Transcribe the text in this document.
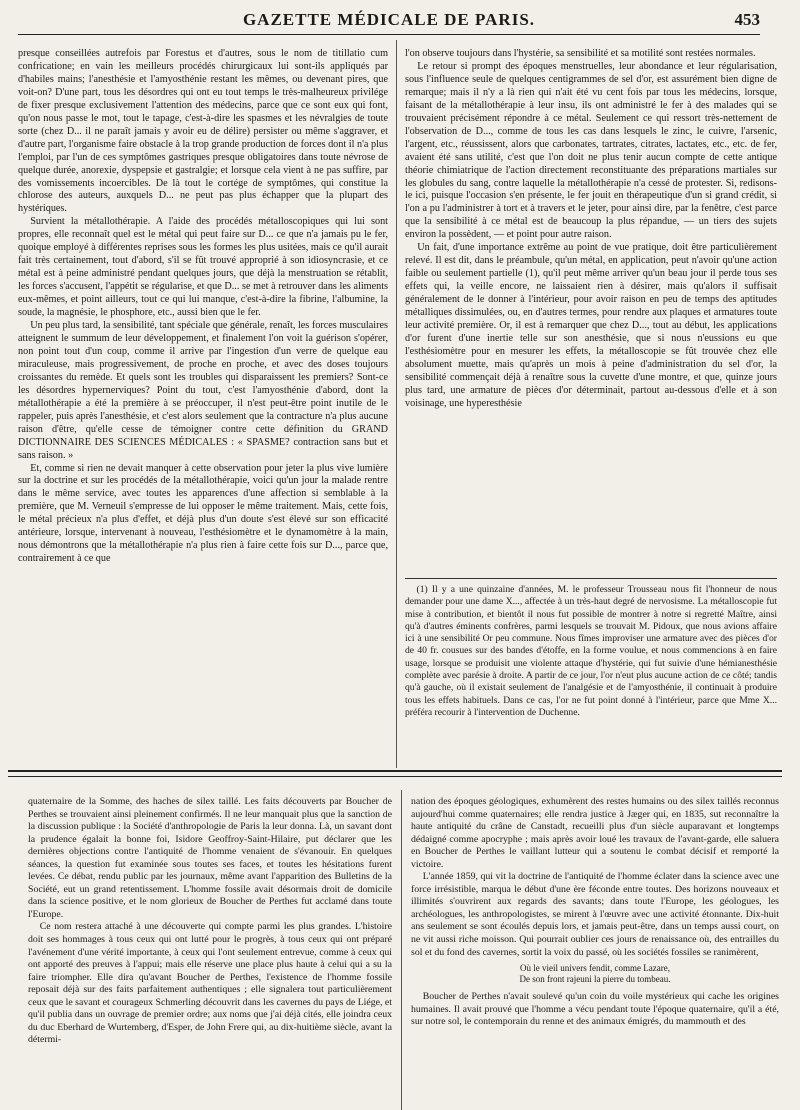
GAZETTE MÉDICALE DE PARIS.	453

presque conseillées autrefois par Forestus et d'autres, sous le nom de titillatio cum confricatione; en vain les meilleurs procédés chirurgicaux lui sont-ils appliqués par d'habiles mains; l'anesthésie et l'amyosthénie restant les mêmes, ou devenant pires, que voit-on? D'une part, tous les désordres qui ont eu tout temps le très-malheureux privilége de fixer presque exclusivement l'attention des médecins, parce que ce sont eux qui font, qu'on nous passe le mot, tout le tapage, c'est-à-dire les spasmes et les névralgies de toute sorte (chez D... il ne paraît jamais y avoir eu de délire) persister ou même s'aggraver, et d'autre part, l'organisme faire obstacle à la trop grande production de forces dont il n'a plus l'emploi, par l'un de ces symptômes gastriques presque obligatoires dans toute névrose de quelque durée, anorexie, dyspepsie et gastralgie; et lorsque cela vient à ne pas suffire, par des vomissements incoercibles. De là tout le cortége de symptômes, qui constitue la chlorose des auteurs, auxquels D... ne peut pas plus échapper que la plupart des hystériques.

Survient la métallothérapie. A l'aide des procédés métalloscopiques qui lui sont propres, elle reconnaît quel est le métal qui peut faire sur D... ce que n'a jamais pu le fer, quoique employé à différentes reprises sous les formes les plus usitées, mais ce qu'il aurait fait très certainement, tout d'abord, s'il se fût trouvé approprié à son idiosyncrasie, et ce métal est à peine administré pendant quelques jours, que déjà la menstruation se rétablit, les forces s'accusent, l'appétit se régularise, et que D... se met à retrouver dans les aliments eux-mêmes, et point ailleurs, tout ce qui lui manque, c'est-à-dire la fibrine, l'albumine, la soude, la magnésie, le phosphore, etc., aussi bien que le fer.

Un peu plus tard, la sensibilité, tant spéciale que générale, renaît, les forces musculaires atteignent le summum de leur développement, et finalement l'on voit la guérison s'opérer, non point tout d'un coup, comme il arrive par l'ingestion d'un verre de quelque eau miraculeuse, mais progressivement, de proche en proche, et avec des doses toujours croissantes du remède. Et quels sont les troubles qui disparaissent les premiers? Sont-ce les désordres hypernerviques? Point du tout, c'est l'amyosthénie d'abord, dont la métallothérapie a été la première à se préoccuper, il n'est peut-être point inutile de le rappeler, puis après l'anesthésie, et c'est alors seulement que la contracture n'a plus aucune raison d'être, qu'elle cesse de témoigner contre cette définition du GRAND DICTIONNAIRE DES SCIENCES MÉDICALES : « SPASME? contraction sans but et sans raison. »

Et, comme si rien ne devait manquer à cette observation pour jeter la plus vive lumière sur la doctrine et sur les procédés de la métallothérapie, voici qu'un jour la malade rentre dans le même service, avec toutes les apparences d'une affection si semblable à la première, que M. Verneuil s'empresse de lui opposer le même traitement. Mais, cette fois, le métal précieux n'a plus d'effet, et déjà plus d'un doute s'est élevé sur son efficacité antérieure, lorsque, intervenant à nouveau, l'esthésiomètre et le dynamomètre à la main, nous démontrons que la métallothérapie n'a plus rien à faire cette fois sur D..., parce que, contrairement à ce que

l'on observe toujours dans l'hystérie, sa sensibilité et sa motilité sont restées normales.

Le retour si prompt des époques menstruelles, leur abondance et leur régularisation, sous l'influence seule de quelques centigrammes de sel d'or, est assurément bien digne de remarque; mais il n'y a là rien qui n'ait été vu cent fois par tous les médecins, lorsque, faisant de la métallothérapie à leur insu, ils ont administré le fer à des malades qui se trouvaient précisément répondre à ce métal. Seulement ce qui ressort très-nettement de l'observation de D..., comme de tous les cas dans lesquels le zinc, le cuivre, l'arsenic, l'argent, etc., réussissent, alors que carbonates, tartrates, citrates, lactates, etc., etc. de fer, avaient été sans utilité, c'est que l'on doit ne plus tenir aucun compte de cette antique théorie chimiatrique de l'action directement reconstituante des préparations martiales sur les globules du sang, contre laquelle la métallothérapie n'a cessé de protester. Si, redisons-le ici, puisque l'occasion s'en présente, le fer jouit en thérapeutique d'un si grand crédit, si l'on a pu l'administrer à tort et à travers et le jeter, pour ainsi dire, par la fenêtre, c'est parce que la sensibilité à ce métal est de beaucoup la plus répandue, — un tiers des sujets environ la possèdent, — et point pour autre raison.

Un fait, d'une importance extrême au point de vue pratique, doit être particulièrement relevé. Il est dit, dans le préambule, qu'un métal, en application, peut n'avoir qu'une action faible ou seulement partielle (1), qu'il peut même arriver qu'un beau jour il perde tous ses effets qui, la veille encore, ne laissaient rien à désirer, mais qu'alors il suffisait généralement de le donner à l'intérieur, pour avoir raison en peu de temps des aptitudes métalliques dissimulées, ou, en d'autres termes, pour rendre aux plaques et armatures toute leur activité première. Or, il est à remarquer que chez D..., tout au début, les applications d'or furent d'une inertie telle sur son anesthésie, que si nous n'eussions eu que l'esthésiomètre pour en mesurer les effets, la métalloscopie se fût trouvée chez elle absolument muette, mais qu'après un mois à peine d'administration du sel d'or, la sensibilité commençait déjà à renaître sous la cuvette d'une montre, et que, quinze jours plus tard, une armature de pièces d'or déterminait, partout au-dessous d'elle et à son voisinage, une hyperesthésie

(1) Il y a une quinzaine d'années, M. le professeur Trousseau nous fit l'honneur de nous demander pour une dame X..., affectée à un très-haut degré de nervosisme. La métalloscopie fut mise à contribution, et bientôt il nous fut possible de montrer à notre si regretté Maître, ainsi qu'à d'autres éminents confrères, parmi lesquels se trouvait M. Pidoux, que nous avions affaire ici à une sensibilité Or peu commune. Nous fîmes improviser une armature avec des pièces d'or de 40 fr. cousues sur des bandes d'étoffe, en la forme voulue, et nous commencions à en faire usage, lorsque se produisit une violente attaque d'hystérie, qui fut suivie d'une hémianesthésie complète avec parésie à droite. A partir de ce jour, l'or n'eut plus aucune action de ce côté; tandis qu'à gauche, où il existait seulement de l'analgésie et de l'amyosthénie, il continuait à produire tous les effets habituels. Dans ce cas, l'or ne fut point donné à l'intérieur, parce que Mme X... préféra recourir à l'intervention de Duchenne.

quaternaire de la Somme, des haches de silex taillé. Les faits découverts par Boucher de Perthes se trouvaient ainsi pleinement confirmés. Il ne leur manquait plus que la sanction de la discussion publique : la Société d'anthropologie de Paris la leur donna. Là, un savant dont la prudence égalait la bonne foi, Isidore Geoffroy-Saint-Hilaire, put déclarer que les dernières objections contre l'antiquité de l'homme venaient de s'évanouir. En quelques séances, la question fut examinée sous toutes ses faces, et toutes les hésitations furent levées. Ce débat, rendu public par les journaux, même avant l'apparition des Bulletins de la Société, eut un grand retentissement. L'homme fossile avait désormais droit de domicile dans la science positive, et le nom glorieux de Boucher de Perthes fut acclamé dans toute l'Europe.

Ce nom restera attaché à une découverte qui compte parmi les plus grandes. L'histoire doit ses hommages à tous ceux qui ont lutté pour le progrès, à tous ceux qui ont préparé l'avénement d'une vérité importante, à ceux qui l'ont seulement entrevue, comme à ceux qui ont apporté des preuves à l'appui; mais elle réserve une place plus haute à celui qui a su la faire triompher. Elle dira qu'avant Boucher de Perthes, l'existence de l'homme fossile reposait déjà sur des faits parfaitement authentiques ; elle signalera tout particulièrement ceux que le savant et courageux Schmerling découvrit dans les cavernes du pays de Liége, et qu'il publia dans un ouvrage de premier ordre; aux noms que j'ai déjà cités, elle joindra ceux du duc Eberhard de Wurtemberg, d'Esper, de John Frere qui, au dix-huitième siècle, avant la détermi-

nation des époques géologiques, exhumèrent des restes humains ou des silex taillés reconnus aujourd'hui comme quaternaires; elle rendra justice à Jæger qui, en 1835, sut reconnaître la haute antiquité du crâne de Canstadt, recueilli plus d'un siècle auparavant et longtemps dédaigné comme apocryphe ; mais après avoir loué les travaux de l'avant-garde, elle saluera en Boucher de Perthes le vaillant lutteur qui a soutenu le combat décisif et remporté la victoire.

L'année 1859, qui vit la doctrine de l'antiquité de l'homme éclater dans la science avec une force irrésistible, marqua le début d'une ère féconde entre toutes. Des horizons nouveaux et illimités s'ouvrirent aux regards des savants; dans toute l'Europe, les géologues, les archéologues, les anthropologistes, se mirent à l'œuvre avec une activité étonnante. Dix-huit ans seulement se sont écoulés depuis lors, et jamais peut-être, dans un temps aussi court, on ne vit aussi riche moisson. Qui pourrait oublier ces jours de renaissance où, des entrailles du sol et du fond des cavernes, sortit la voix du passé, où les sociétés fossiles se ranimèrent,

Où le vieil univers fendit, comme Lazare,
De son front rajeuni la pierre du tombeau.

Boucher de Perthes n'avait soulevé qu'un coin du voile mystérieux qui cache les origines humaines. Il avait prouvé que l'homme a vécu pendant toute l'époque quaternaire, qu'il a été, sur notre sol, le contemporain du renne et des animaux émigrés, du mammouth et des
